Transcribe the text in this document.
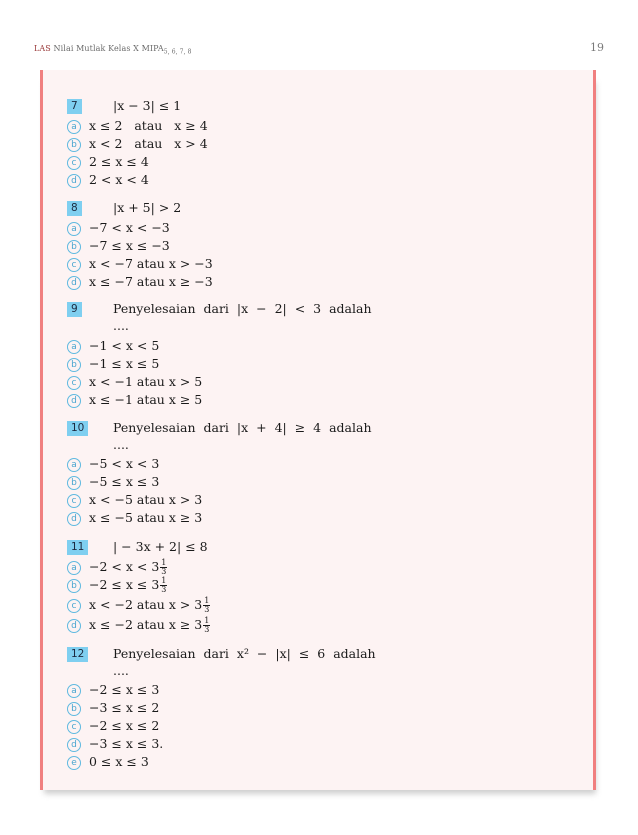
LAS Nilai Mutlak Kelas X $MIPA_{5, 6, 7, 8}$	19
7	|x − 3| ≤ 1
a x ≤ 2   atau   x ≥ 4
b x < 2   atau   x > 4
c	2 ≤ x ≤ 4
d 2 < x < 4
8	|x + 5| > 2
a −7 < x < −3
b −7 ≤ x ≤ −3
c	x < −7 atau x > −3
d x ≤ −7 atau x ≥ −3
9	Penyelesaian dari |x − 2| < 3 adalah
....
a −1 < x < 5
b −1 ≤ x ≤ 5
c	x < −1 atau x > 5
d x ≤ −1 atau x ≥ 5
10	Penyelesaian dari |x + 4| ≥ 4 adalah
....
a −5 < x < 3
b −5 ≤ x ≤ 3
c	x < −5 atau x > 3
d x ≤ −5 atau x ≥ 3
11	| − 3x + 2| ≤ 8
$a -2 < x < 3 \frac{1}{3}$
$b -2 \le x \le 3 \frac{1}{3}$
c	x < −2 atau $x > 3 \frac{1}{3}$
d x ≤ −2 atau $x \ge 3 \frac{1}{3}$
12	Penyelesaian dari x² − |x| ≤ 6 adalah
....
a −2 ≤ x ≤ 3
b −3 ≤ x ≤ 2
c	−2 ≤ x ≤ 2
d −3 ≤ x ≤ 3.
e 0 ≤ x ≤ 3
